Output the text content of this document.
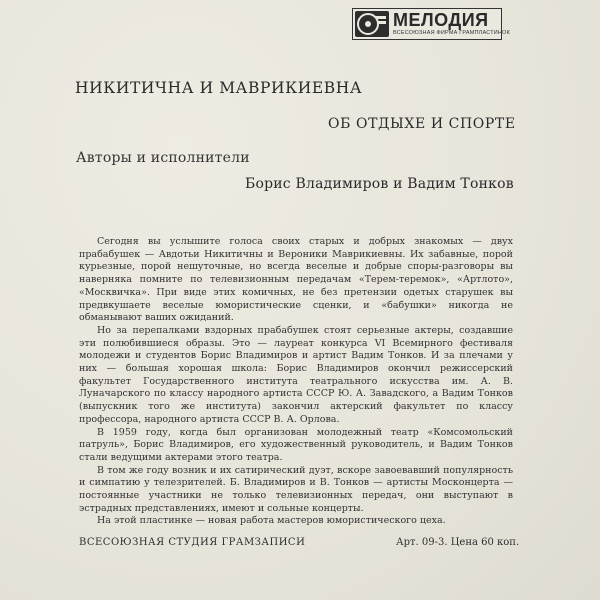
МЕЛОДИЯ
ВСЕСОЮЗНАЯ ФИРМА ГРАМПЛАСТИНОК
НИКИТИЧНА И МАВРИКИЕВНА
ОБ ОТДЫХЕ И СПОРТЕ
Авторы и исполнители
Борис Владимиров и Вадим Тонков

Сегодня вы услышите голоса своих старых и добрых знакомых — двух прабабушек — Авдотьи Никитичны и Вероники Маврикиевны. Их забавные, порой курьезные, порой нешуточные, но всегда веселые и добрые споры-разговоры вы наверняка помните по телевизионным передачам «Терем-теремок», «Артлото», «Москвичка». При виде этих комичных, не без претензии одетых старушек вы предвкушаете веселые юмористические сценки, и «бабушки» никогда не обманывают ваших ожиданий.

Но за перепалками вздорных прабабушек стоят серьезные актеры, создавшие эти полюбившиеся образы. Это — лауреат конкурса VI Всемирного фестиваля молодежи и студентов Борис Владимиров и артист Вадим Тонков. И за плечами у них — большая хорошая школа: Борис Владимиров окончил режиссерский факультет Государственного института театрального искусства им. А. В. Луначарского по классу народного артиста СССР Ю. А. Завадского, а Вадим Тонков (выпускник того же института) закончил актерский факультет по классу профессора, народного артиста СССР В. А. Орлова.

В 1959 году, когда был организован молодежный театр «Комсомольский патруль», Борис Владимиров, его художественный руководитель, и Вадим Тонков стали ведущими актерами этого театра.

В том же году возник и их сатирический дуэт, вскоре завоевавший популярность и симпатию у телезрителей. Б. Владимиров и В. Тонков — артисты Москонцерта — постоянные участники не только телевизионных передач, они выступают в эстрадных представлениях, имеют и сольные концерты.

На этой пластинке — новая работа мастеров юмористического цеха.

ВСЕСОЮЗНАЯ СТУДИЯ ГРАМЗАПИСИ	Арт. 09-3. Цена 60 коп.
